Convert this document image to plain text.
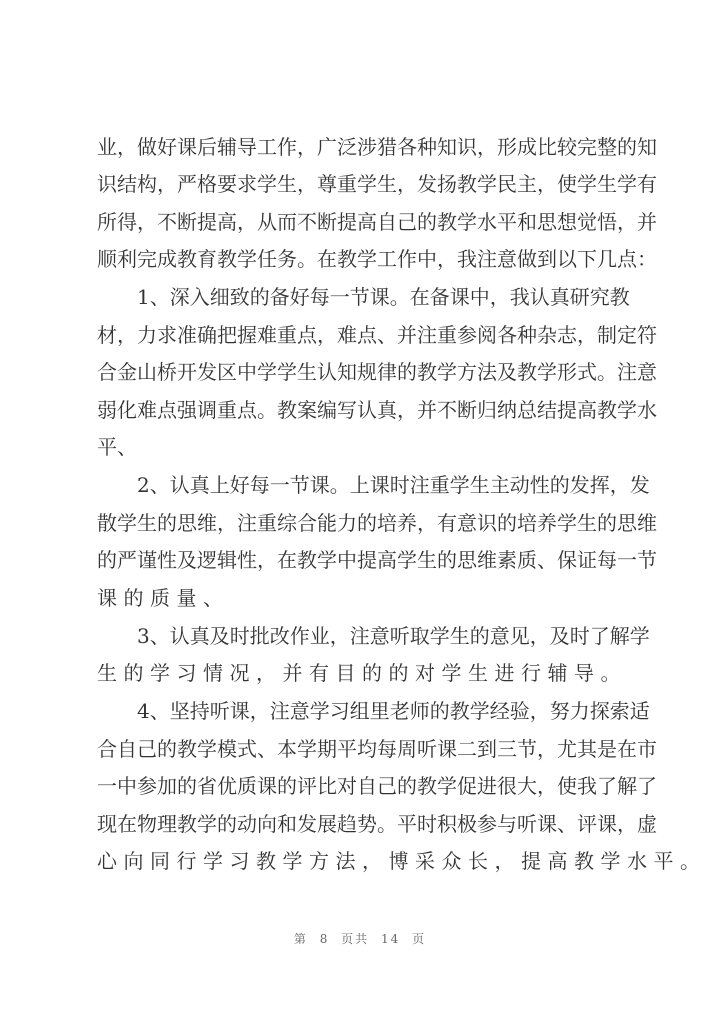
业，做好课后辅导工作，广泛涉猎各种知识，形成比较完整的知
识结构，严格要求学生，尊重学生，发扬教学民主，使学生学有
所得，不断提高，从而不断提高自己的教学水平和思想觉悟，并
顺利完成教育教学任务。在教学工作中，我注意做到以下几点：
1、深入细致的备好每一节课。在备课中，我认真研究教
材，力求准确把握难重点，难点、并注重参阅各种杂志，制定符
合金山桥开发区中学学生认知规律的教学方法及教学形式。注意
弱化难点强调重点。教案编写认真，并不断归纳总结提高教学水
平、
2、认真上好每一节课。上课时注重学生主动性的发挥，发
散学生的思维，注重综合能力的培养，有意识的培养学生的思维
的严谨性及逻辑性，在教学中提高学生的思维素质、保证每一节
课的质量、
3、认真及时批改作业，注意听取学生的意见，及时了解学
生的学习情况，并有目的的对学生进行辅导。
4、坚持听课，注意学习组里老师的教学经验，努力探索适
合自己的教学模式、本学期平均每周听课二到三节，尤其是在市
一中参加的省优质课的评比对自己的教学促进很大，使我了解了
现在物理教学的动向和发展趋势。平时积极参与听课、评课，虚
心向同行学习教学方法，博采众长，提高教学水平。
第 8 页共 14 页
